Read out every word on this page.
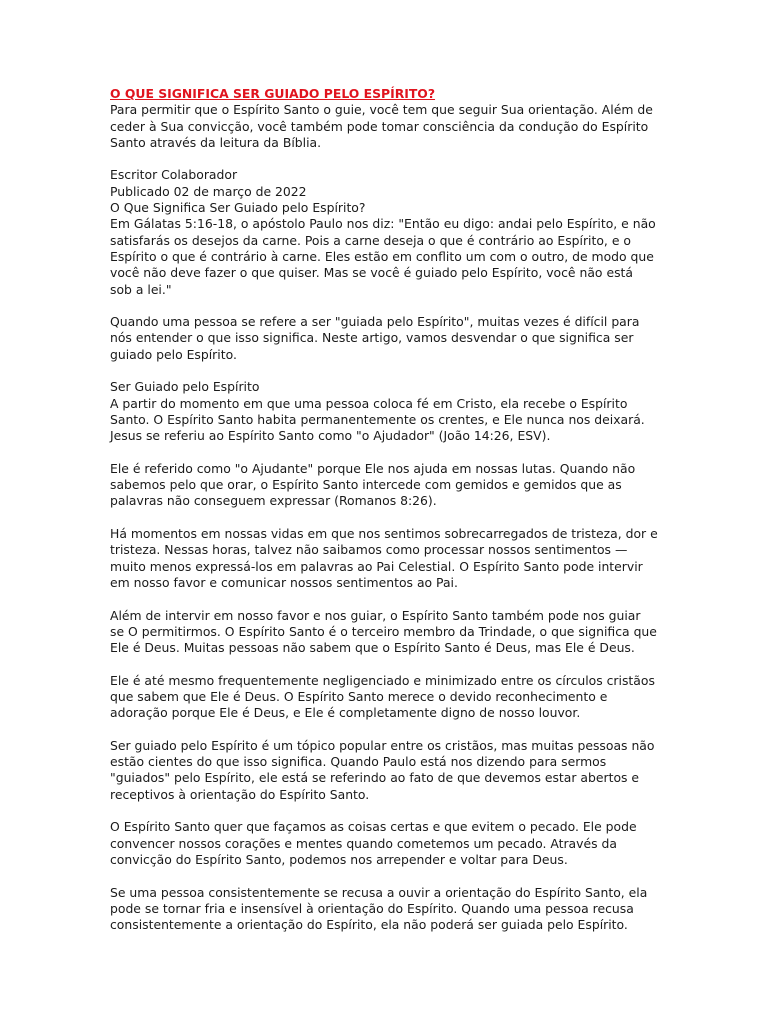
O QUE SIGNIFICA SER GUIADO PELO ESPÍRITO?

Para permitir que o Espírito Santo o guie, você tem que seguir Sua orientação. Além de ceder à Sua convicção, você também pode tomar consciência da condução do Espírito Santo através da leitura da Bíblia.

Escritor Colaborador

Publicado 02 de março de 2022

O Que Significa Ser Guiado pelo Espírito?

Em Gálatas 5:16-18, o apóstolo Paulo nos diz: "Então eu digo: andai pelo Espírito, e não satisfarás os desejos da carne. Pois a carne deseja o que é contrário ao Espírito, e o Espírito o que é contrário à carne. Eles estão em conflito um com o outro, de modo que você não deve fazer o que quiser. Mas se você é guiado pelo Espírito, você não está sob a lei."

Quando uma pessoa se refere a ser "guiada pelo Espírito", muitas vezes é difícil para nós entender o que isso significa. Neste artigo, vamos desvendar o que significa ser guiado pelo Espírito.

Ser Guiado pelo Espírito

A partir do momento em que uma pessoa coloca fé em Cristo, ela recebe o Espírito Santo. O Espírito Santo habita permanentemente os crentes, e Ele nunca nos deixará. Jesus se referiu ao Espírito Santo como "o Ajudador" (João 14:26, ESV).

Ele é referido como "o Ajudante" porque Ele nos ajuda em nossas lutas. Quando não sabemos pelo que orar, o Espírito Santo intercede com gemidos e gemidos que as palavras não conseguem expressar (Romanos 8:26).

Há momentos em nossas vidas em que nos sentimos sobrecarregados de tristeza, dor e tristeza. Nessas horas, talvez não saibamos como processar nossos sentimentos — muito menos expressá-los em palavras ao Pai Celestial. O Espírito Santo pode intervir em nosso favor e comunicar nossos sentimentos ao Pai.

Além de intervir em nosso favor e nos guiar, o Espírito Santo também pode nos guiar se O permitirmos. O Espírito Santo é o terceiro membro da Trindade, o que significa que Ele é Deus. Muitas pessoas não sabem que o Espírito Santo é Deus, mas Ele é Deus.

Ele é até mesmo frequentemente negligenciado e minimizado entre os círculos cristãos que sabem que Ele é Deus. O Espírito Santo merece o devido reconhecimento e adoração porque Ele é Deus, e Ele é completamente digno de nosso louvor.

Ser guiado pelo Espírito é um tópico popular entre os cristãos, mas muitas pessoas não estão cientes do que isso significa. Quando Paulo está nos dizendo para sermos "guiados" pelo Espírito, ele está se referindo ao fato de que devemos estar abertos e receptivos à orientação do Espírito Santo.

O Espírito Santo quer que façamos as coisas certas e que evitem o pecado. Ele pode convencer nossos corações e mentes quando cometemos um pecado. Através da convicção do Espírito Santo, podemos nos arrepender e voltar para Deus.

Se uma pessoa consistentemente se recusa a ouvir a orientação do Espírito Santo, ela pode se tornar fria e insensível à orientação do Espírito. Quando uma pessoa recusa consistentemente a orientação do Espírito, ela não poderá ser guiada pelo Espírito.
